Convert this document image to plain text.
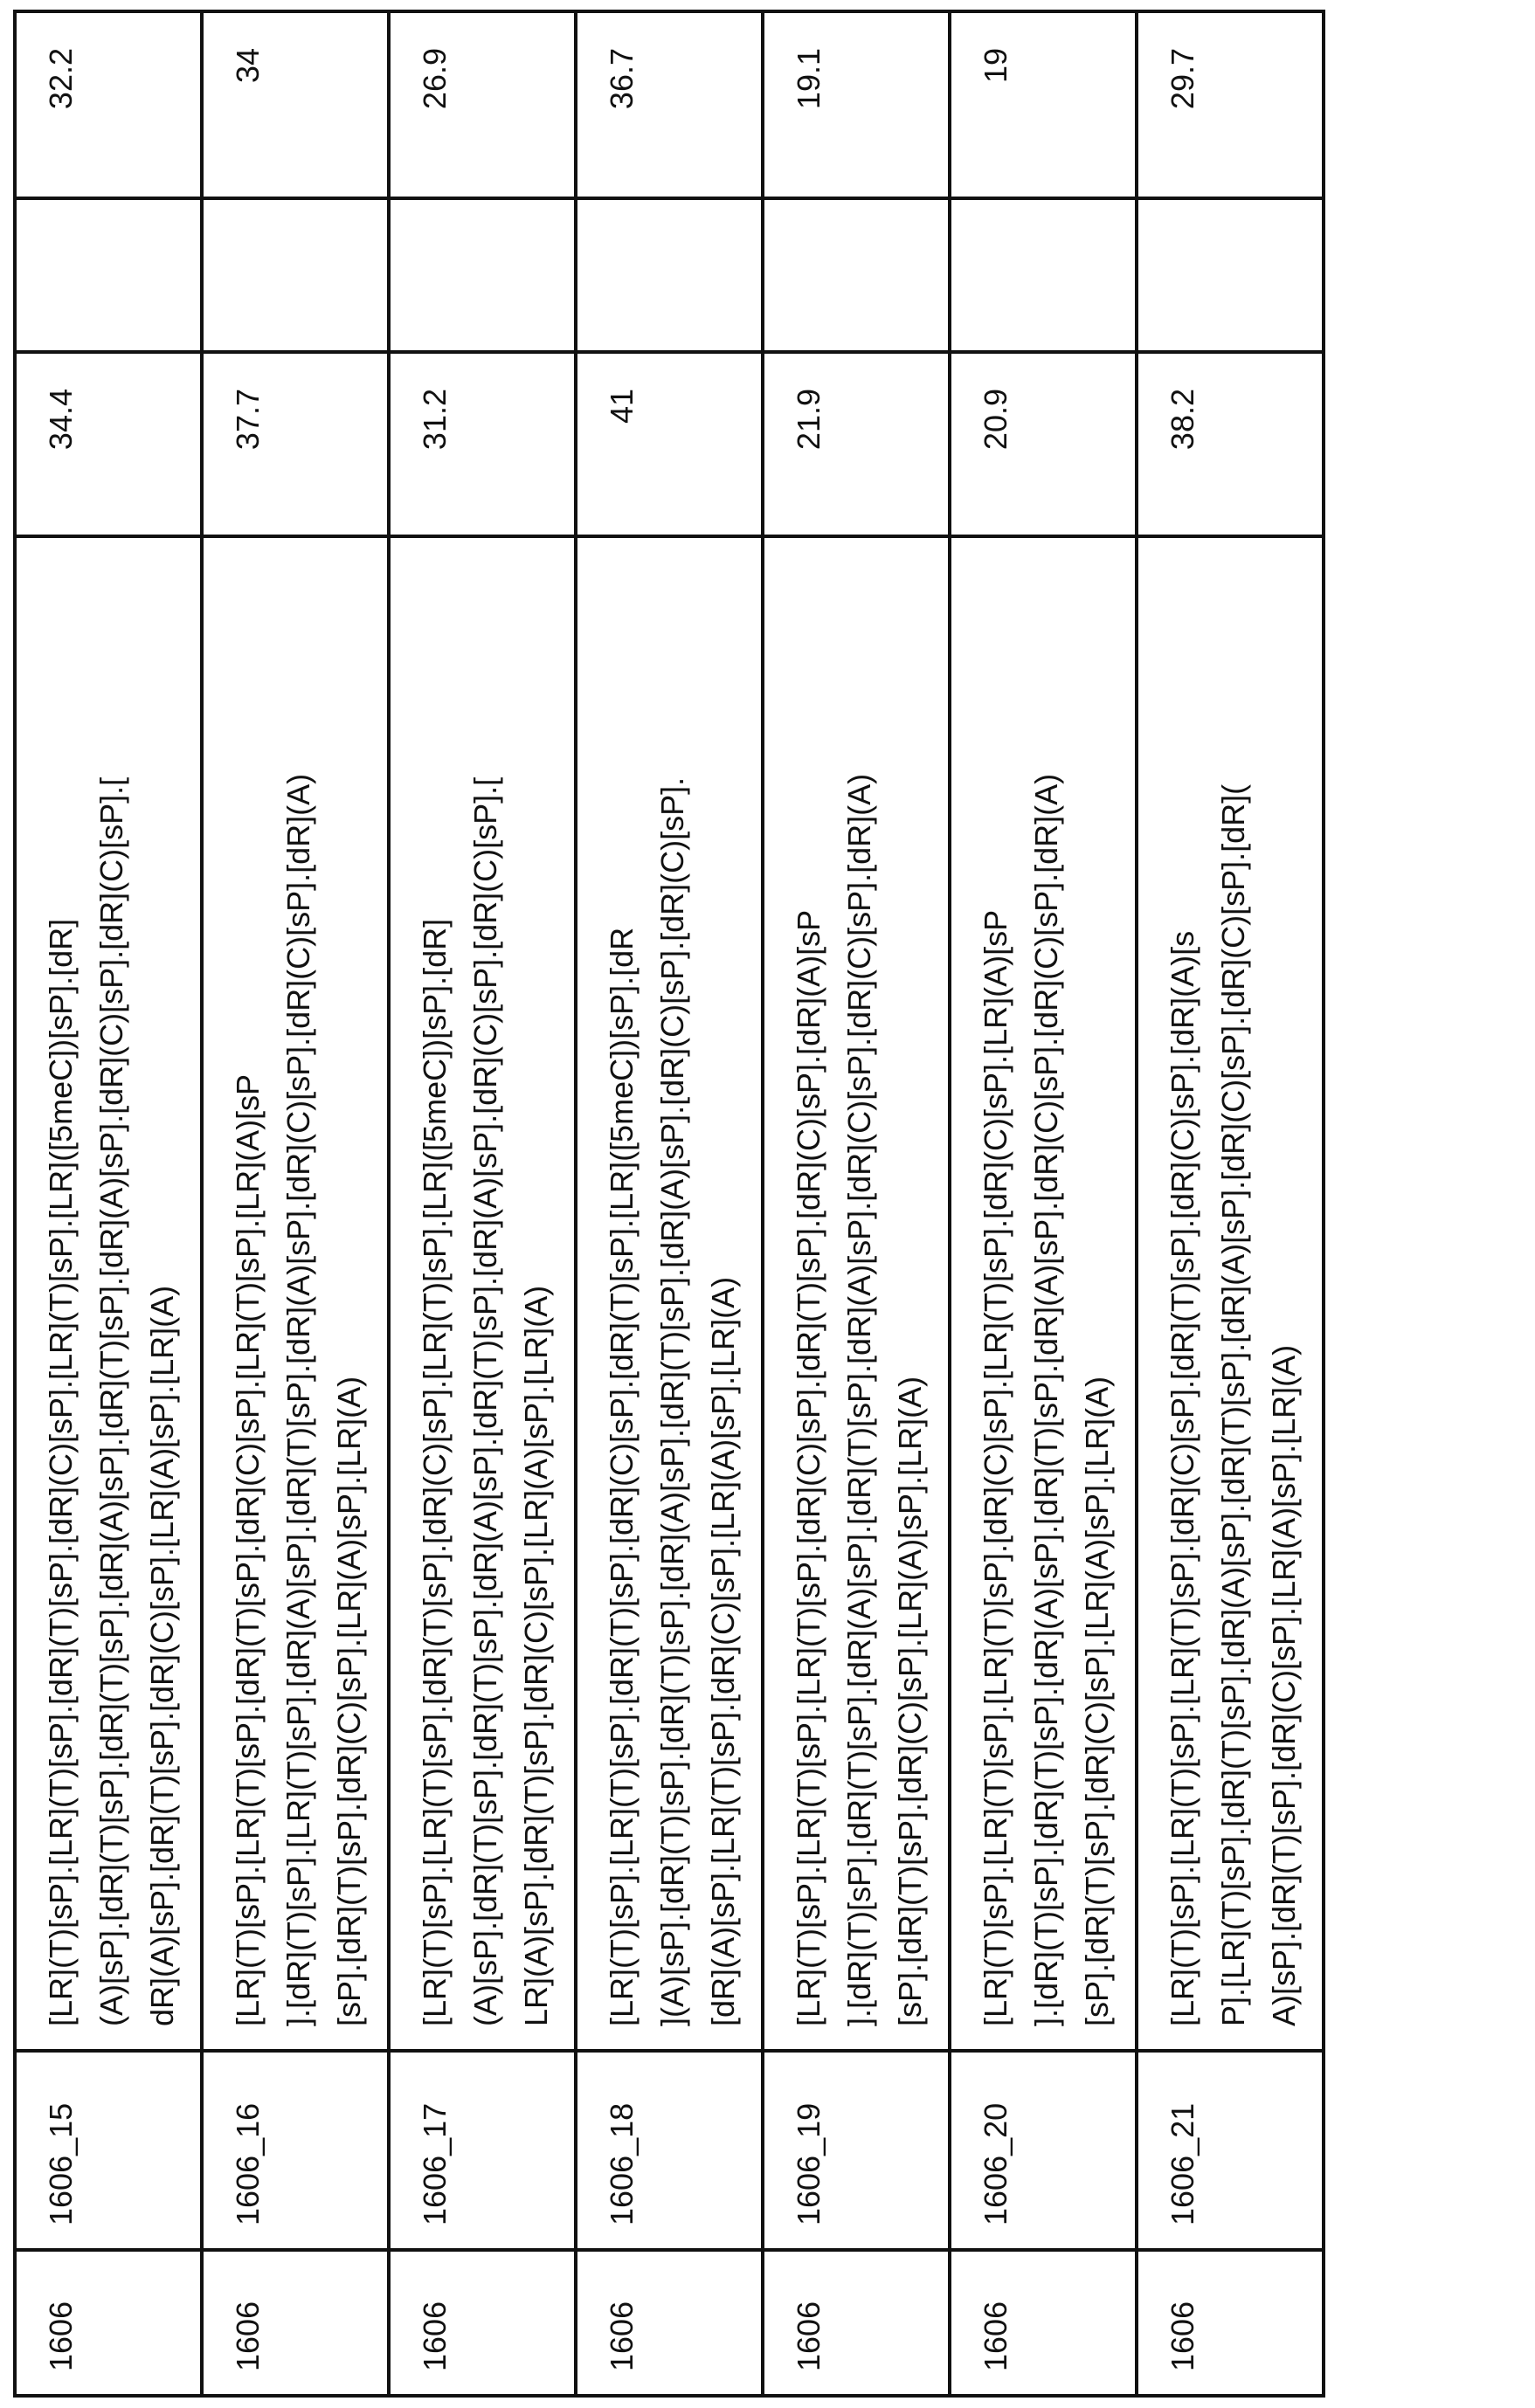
1606	1606_15	
[LR](T)[sP].[LR](T)[sP].[dR](T)[sP].[dR](C)[sP].[LR](T)[sP].[LR]([5meC])[sP].[dR] (A)[sP].[dR](T)[sP].[dR](T)[sP].[dR](A)[sP].[dR](T)[sP].[dR](A)[sP].[dR](C)[sP].[dR](C)[sP].[ dR](A)[sP].[dR](T)[sP].[dR](C)[sP].[LR](A)[sP].[LR](A)
	34.4		32.2
1606	1606_16	
[LR](T)[sP].[LR](T)[sP].[dR](T)[sP].[dR](C)[sP].[LR](T)[sP].[LR](A)[sP ].[dR](T)[sP].[LR](T)[sP].[dR](A)[sP].[dR](T)[sP].[dR](A)[sP].[dR](C)[sP].[dR](C)[sP].[dR](A) [sP].[dR](T)[sP].[dR](C)[sP].[LR](A)[sP].[LR](A)
	37.7		34
1606	1606_17	
[LR](T)[sP].[LR](T)[sP].[dR](T)[sP].[dR](C)[sP].[LR](T)[sP].[LR]([5meC])[sP].[dR] (A)[sP].[dR](T)[sP].[dR](T)[sP].[dR](A)[sP].[dR](T)[sP].[dR](A)[sP].[dR](C)[sP].[dR](C)[sP].[ LR](A)[sP].[dR](T)[sP].[dR](C)[sP].[LR](A)[sP].[LR](A)
	31.2		26.9
1606	1606_18	
[LR](T)[sP].[LR](T)[sP].[dR](T)[sP].[dR](C)[sP].[dR](T)[sP].[LR]([5meC])[sP].[dR ](A)[sP].[dR](T)[sP].[dR](T)[sP].[dR](A)[sP].[dR](T)[sP].[dR](A)[sP].[dR](C)[sP].[dR](C)[sP]. [dR](A)[sP].[LR](T)[sP].[dR](C)[sP].[LR](A)[sP].[LR](A)
	41		36.7
1606	1606_19	
[LR](T)[sP].[LR](T)[sP].[LR](T)[sP].[dR](C)[sP].[dR](T)[sP].[dR](C)[sP].[dR](A)[sP ].[dR](T)[sP].[dR](T)[sP].[dR](A)[sP].[dR](T)[sP].[dR](A)[sP].[dR](C)[sP].[dR](C)[sP].[dR](A) [sP].[dR](T)[sP].[dR](C)[sP].[LR](A)[sP].[LR](A)
	21.9		19.1
1606	1606_20	
[LR](T)[sP].[LR](T)[sP].[LR](T)[sP].[dR](C)[sP].[LR](T)[sP].[dR](C)[sP].[LR](A)[sP ].[dR](T)[sP].[dR](T)[sP].[dR](A)[sP].[dR](T)[sP].[dR](A)[sP].[dR](C)[sP].[dR](C)[sP].[dR](A) [sP].[dR](T)[sP].[dR](C)[sP].[LR](A)[sP].[LR](A)
	20.9		19
1606	1606_21	
[LR](T)[sP].[LR](T)[sP].[LR](T)[sP].[dR](C)[sP].[dR](T)[sP].[dR](C)[sP].[dR](A)[s P].[LR](T)[sP].[dR](T)[sP].[dR](A)[sP].[dR](T)[sP].[dR](A)[sP].[dR](C)[sP].[dR](C)[sP].[dR]( A)[sP].[dR](T)[sP].[dR](C)[sP].[LR](A)[sP].[LR](A)
	38.2		29.7
